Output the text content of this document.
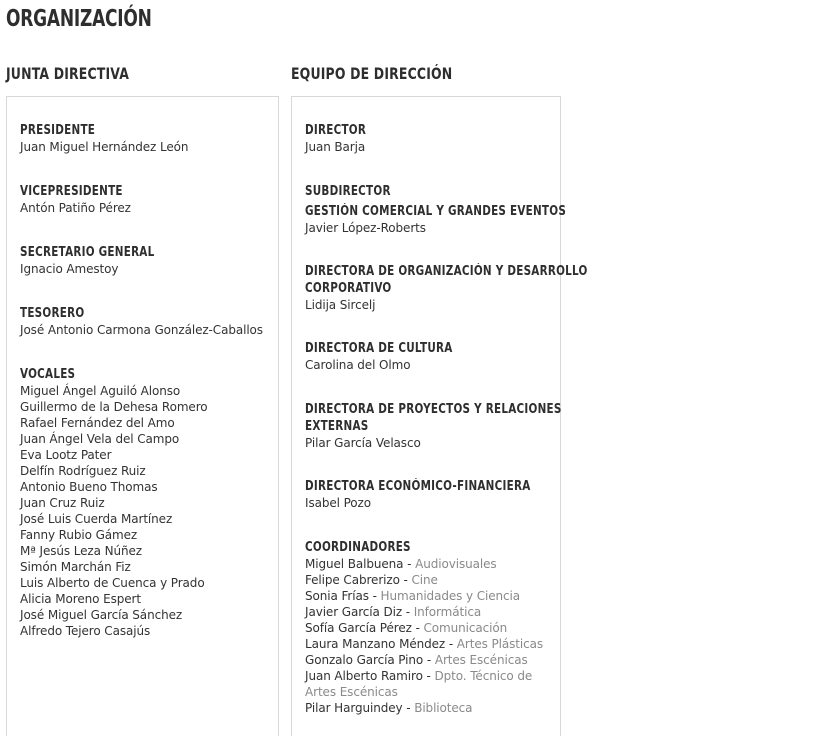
ORGANIZACIÓN
JUNTA DIRECTIVA	EQUIPO DE DIRECCIÓN
PRESIDENTE
Juan Miguel Hernández León
VICEPRESIDENTE
Antón Patiño Pérez
SECRETARIO GENERAL
Ignacio Amestoy
TESORERO
José Antonio Carmona González-Caballos
VOCALES
Miguel Ángel Aguiló Alonso
Guillermo de la Dehesa Romero
Rafael Fernández del Amo
Juan Ángel Vela del Campo
Eva Lootz Pater
Delfín Rodríguez Ruiz
Antonio Bueno Thomas
Juan Cruz Ruiz
José Luis Cuerda Martínez
Fanny Rubio Gámez
Mª Jesús Leza Núñez
Simón Marchán Fiz
Luis Alberto de Cuenca y Prado
Alicia Moreno Espert
José Miguel García Sánchez
Alfredo Tejero Casajús
DIRECTOR
Juan Barja
SUBDIRECTOR
GESTIÓN COMERCIAL Y GRANDES EVENTOS
Javier López-Roberts
DIRECTORA DE ORGANIZACIÓN Y DESARROLLO
CORPORATIVO
Lidija Sircelj
DIRECTORA DE CULTURA
Carolina del Olmo
DIRECTORA DE PROYECTOS Y RELACIONES
EXTERNAS
Pilar García Velasco
DIRECTORA ECONÓMICO-FINANCIERA
Isabel Pozo
COORDINADORES
Miguel Balbuena - Audiovisuales
Felipe Cabrerizo - Cine
Sonia Frías - Humanidades y Ciencia
Javier García Diz - Informática
Sofía García Pérez - Comunicación
Laura Manzano Méndez - Artes Plásticas
Gonzalo García Pino - Artes Escénicas
Juan Alberto Ramiro - Dpto. Técnico de
Artes Escénicas
Pilar Harguindey - Biblioteca
